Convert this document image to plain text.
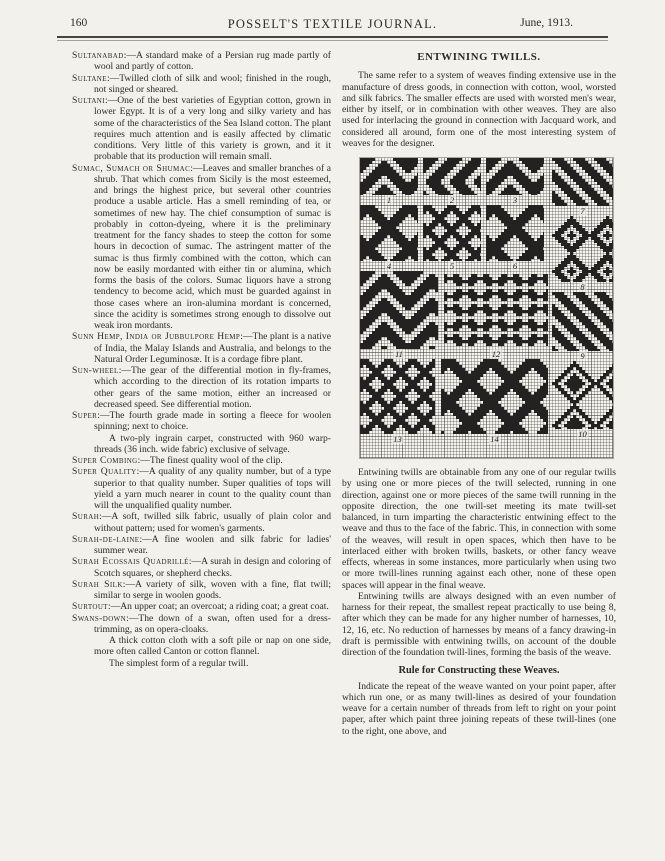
160	POSSELT'S TEXTILE JOURNAL.	June, 1913.

Sultanabad:—A standard make of a Persian rug made partly of wool and partly of cotton.

Sultane:—Twilled cloth of silk and wool; finished in the rough, not singed or sheared.

Sultani:—One of the best varieties of Egyptian cotton, grown in lower Egypt. It is of a very long and silky variety and has some of the characteristics of the Sea Island cotton. The plant requires much attention and is easily affected by climatic conditions. Very little of this variety is grown, and it it probable that its production will remain small.

Sumac, Sumach or Shumac:—Leaves and smaller branches of a shrub. That which comes from Sicily is the most esteemed, and brings the highest price, but several other countries produce a usable article. Has a smell reminding of tea, or sometimes of new hay. The chief consumption of sumac is probably in cotton-dyeing, where it is the preliminary treatment for the fancy shades to steep the cotton for some hours in decoction of sumac. The astringent matter of the sumac is thus firmly combined with the cotton, which can now be easily mordanted with either tin or alumina, which forms the basis of the colors. Sumac liquors have a strong tendency to become acid, which must be guarded against in those cases where an iron-alumina mordant is concerned, since the acidity is sometimes strong enough to dissolve out weak iron mordants.

Sunn Hemp, India or Jubbulpore Hemp:—The plant is a native of India, the Malay Islands and Australia, and belongs to the Natural Order Leguminosæ. It is a cordage fibre plant.

Sun-wheel:—The gear of the differential motion in fly-frames, which according to the direction of its rotation imparts to other gears of the same motion, either an increased or decreased speed. See differential motion.

Super:—The fourth grade made in sorting a fleece for woolen spinning; next to choice.

A two-ply ingrain carpet, constructed with 960 warp-threads (36 inch. wide fabric) exclusive of selvage.

Super Combing:—The finest quality wool of the clip.

Super Quality:—A quality of any quality number, but of a type superior to that quality number. Super qualities of tops will yield a yarn much nearer in count to the quality count than will the unqualified quality number.

Surah:—A soft, twilled silk fabric, usually of plain color and without pattern; used for women's garments.

Surah-de-laine:—A fine woolen and silk fabric for ladies' summer wear.

Surah Ecossais Quadrillé:—A surah in design and coloring of Scotch squares, or shepherd checks.

Surah Silk:—A variety of silk, woven with a fine, flat twill; similar to serge in woolen goods.

Surtout:—An upper coat; an overcoat; a riding coat; a great coat.

Swans-down:—The down of a swan, often used for a dress-trimming, as on opera-cloaks.

A thick cotton cloth with a soft pile or nap on one side, more often called Canton or cotton flannel.

The simplest form of a regular twill.

ENTWINING TWILLS.

The same refer to a system of weaves finding extensive use in the manufacture of dress goods, in connection with cotton, wool, worsted and silk fabrics. The smaller effects are used with worsted men's wear, either by itself, or in combination with other weaves. They are also used for interlacing the ground in connection with Jacquard work, and considered all around, form one of the most interesting system of weaves for the designer.

1	2	3
4	5	6
7
8
9
10
11	12
13	14

Entwining twills are obtainable from any one of our regular twills by using one or more pieces of the twill selected, running in one direction, against one or more pieces of the same twill running in the opposite direction, the one twill-set meeting its mate twill-set balanced, in turn imparting the characteristic entwining effect to the weave and thus to the face of the fabric. This, in connection with some of the weaves, will result in open spaces, which then have to be interlaced either with broken twills, baskets, or other fancy weave effects, whereas in some instances, more particularly when using two or more twill-lines running against each other, none of these open spaces will appear in the final weave.

Entwining twills are always designed with an even number of harness for their repeat, the smallest repeat practically to use being 8, after which they can be made for any higher number of harnesses, 10, 12, 16, etc. No reduction of harnesses by means of a fancy drawing-in draft is permissible with entwining twills, on account of the double direction of the foundation twill-lines, forming the basis of the weave.

Rule for Constructing these Weaves.

Indicate the repeat of the weave wanted on your point paper, after which run one, or as many twill-lines as desired of your foundation weave for a certain number of threads from left to right on your point paper, after which paint three joining repeats of these twill-lines (one to the right, one above, and
